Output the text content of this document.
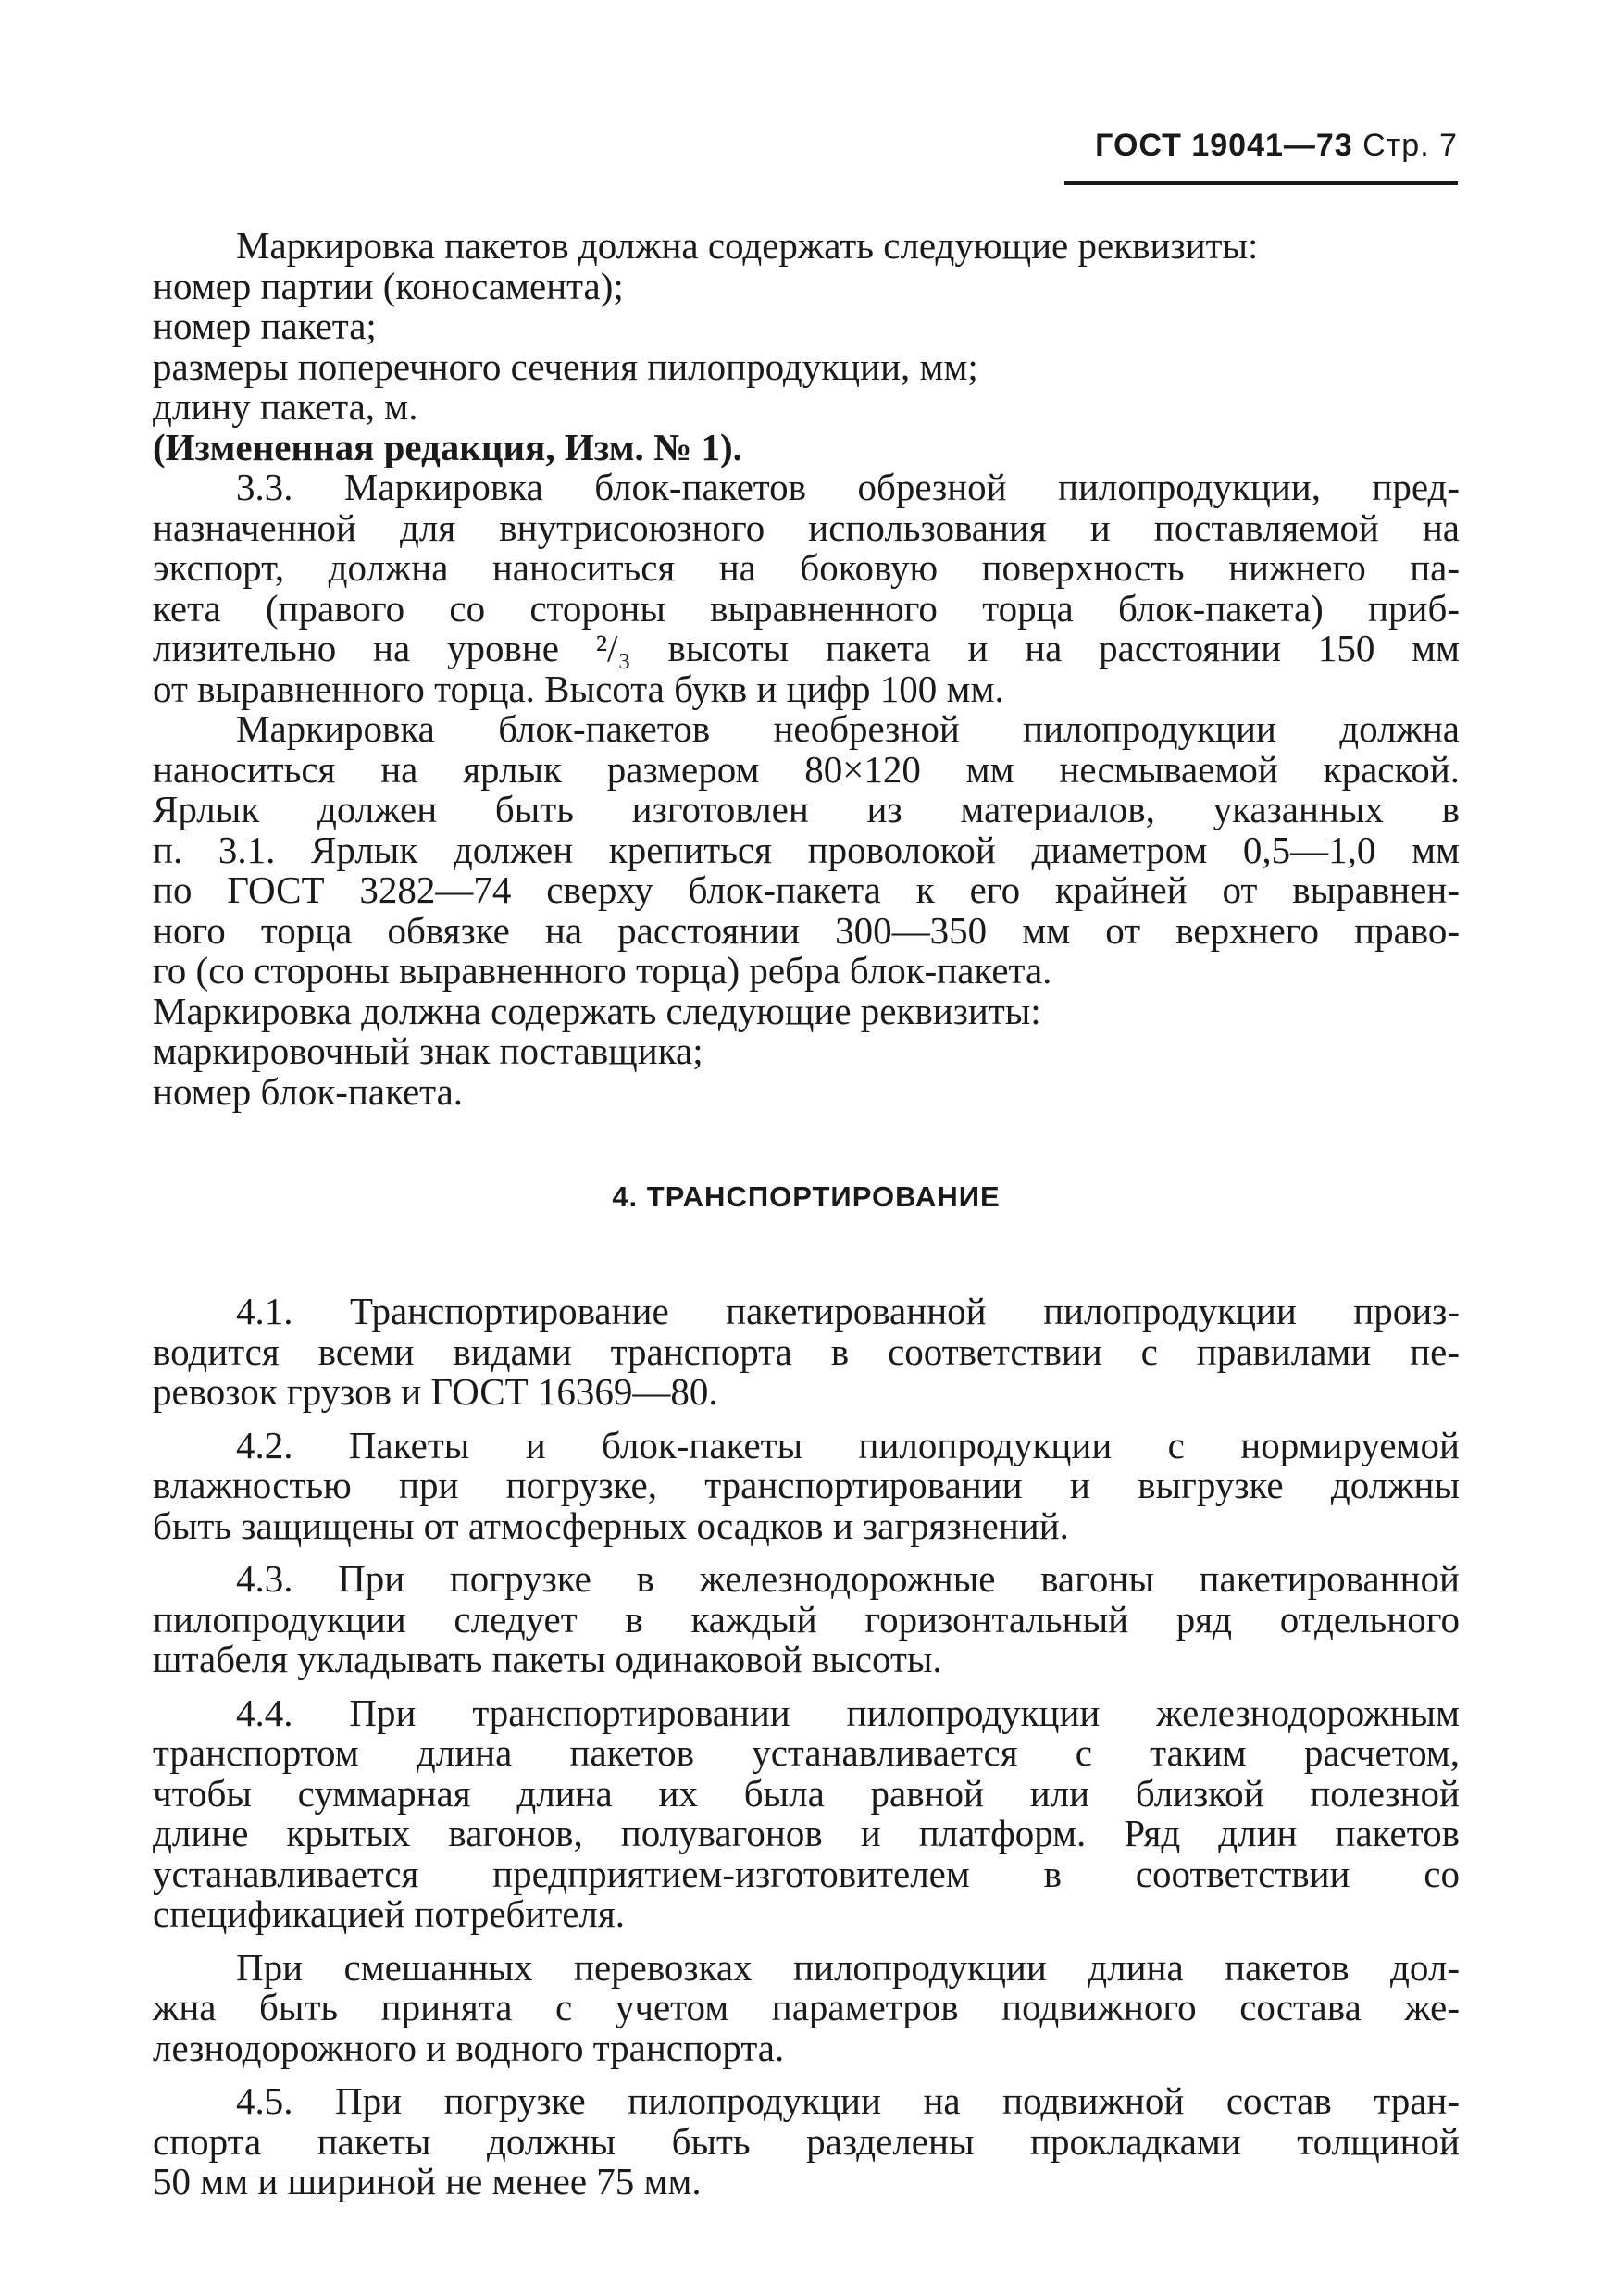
ГОСТ 19041—73 Стр. 7
Маркировка пакетов должна содержать следующие реквизиты:
номер партии (коносамента);
номер пакета;
размеры поперечного сечения пилопродукции, мм;
длину пакета, м.
(Измененная редакция, Изм. № 1).
3.3. Маркировка блок-пакетов обрезной пилопродукции, пред-
назначенной для внутрисоюзного использования и поставляемой на
экспорт, должна наноситься на боковую поверхность нижнего па-
кета (правого со стороны выравненного торца блок-пакета) приб-
лизительно на уровне ²/₃ высоты пакета и на расстоянии 150 мм
от выравненного торца. Высота букв и цифр 100 мм.
Маркировка блок-пакетов необрезной пилопродукции должна
наноситься на ярлык размером 80×120 мм несмываемой краской.
Ярлык должен быть изготовлен из материалов, указанных в
п. 3.1. Ярлык должен крепиться проволокой диаметром 0,5—1,0 мм
по ГОСТ 3282—74 сверху блок-пакета к его крайней от выравнен-
ного торца обвязке на расстоянии 300—350 мм от верхнего право-
го (со стороны выравненного торца) ребра блок-пакета.
Маркировка должна содержать следующие реквизиты:
маркировочный знак поставщика;
номер блок-пакета.
4. ТРАНСПОРТИРОВАНИЕ
4.1. Транспортирование пакетированной пилопродукции произ-
водится всеми видами транспорта в соответствии с правилами пе-
ревозок грузов и ГОСТ 16369—80.
4.2. Пакеты и блок-пакеты пилопродукции с нормируемой
влажностью при погрузке, транспортировании и выгрузке должны
быть защищены от атмосферных осадков и загрязнений.
4.3. При погрузке в железнодорожные вагоны пакетированной
пилопродукции следует в каждый горизонтальный ряд отдельного
штабеля укладывать пакеты одинаковой высоты.
4.4. При транспортировании пилопродукции железнодорожным
транспортом длина пакетов устанавливается с таким расчетом,
чтобы суммарная длина их была равной или близкой полезной
длине крытых вагонов, полувагонов и платформ. Ряд длин пакетов
устанавливается предприятием-изготовителем в соответствии со
спецификацией потребителя.
При смешанных перевозках пилопродукции длина пакетов дол-
жна быть принята с учетом параметров подвижного состава же-
лезнодорожного и водного транспорта.
4.5. При погрузке пилопродукции на подвижной состав тран-
спорта пакеты должны быть разделены прокладками толщиной
50 мм и шириной не менее 75 мм.
